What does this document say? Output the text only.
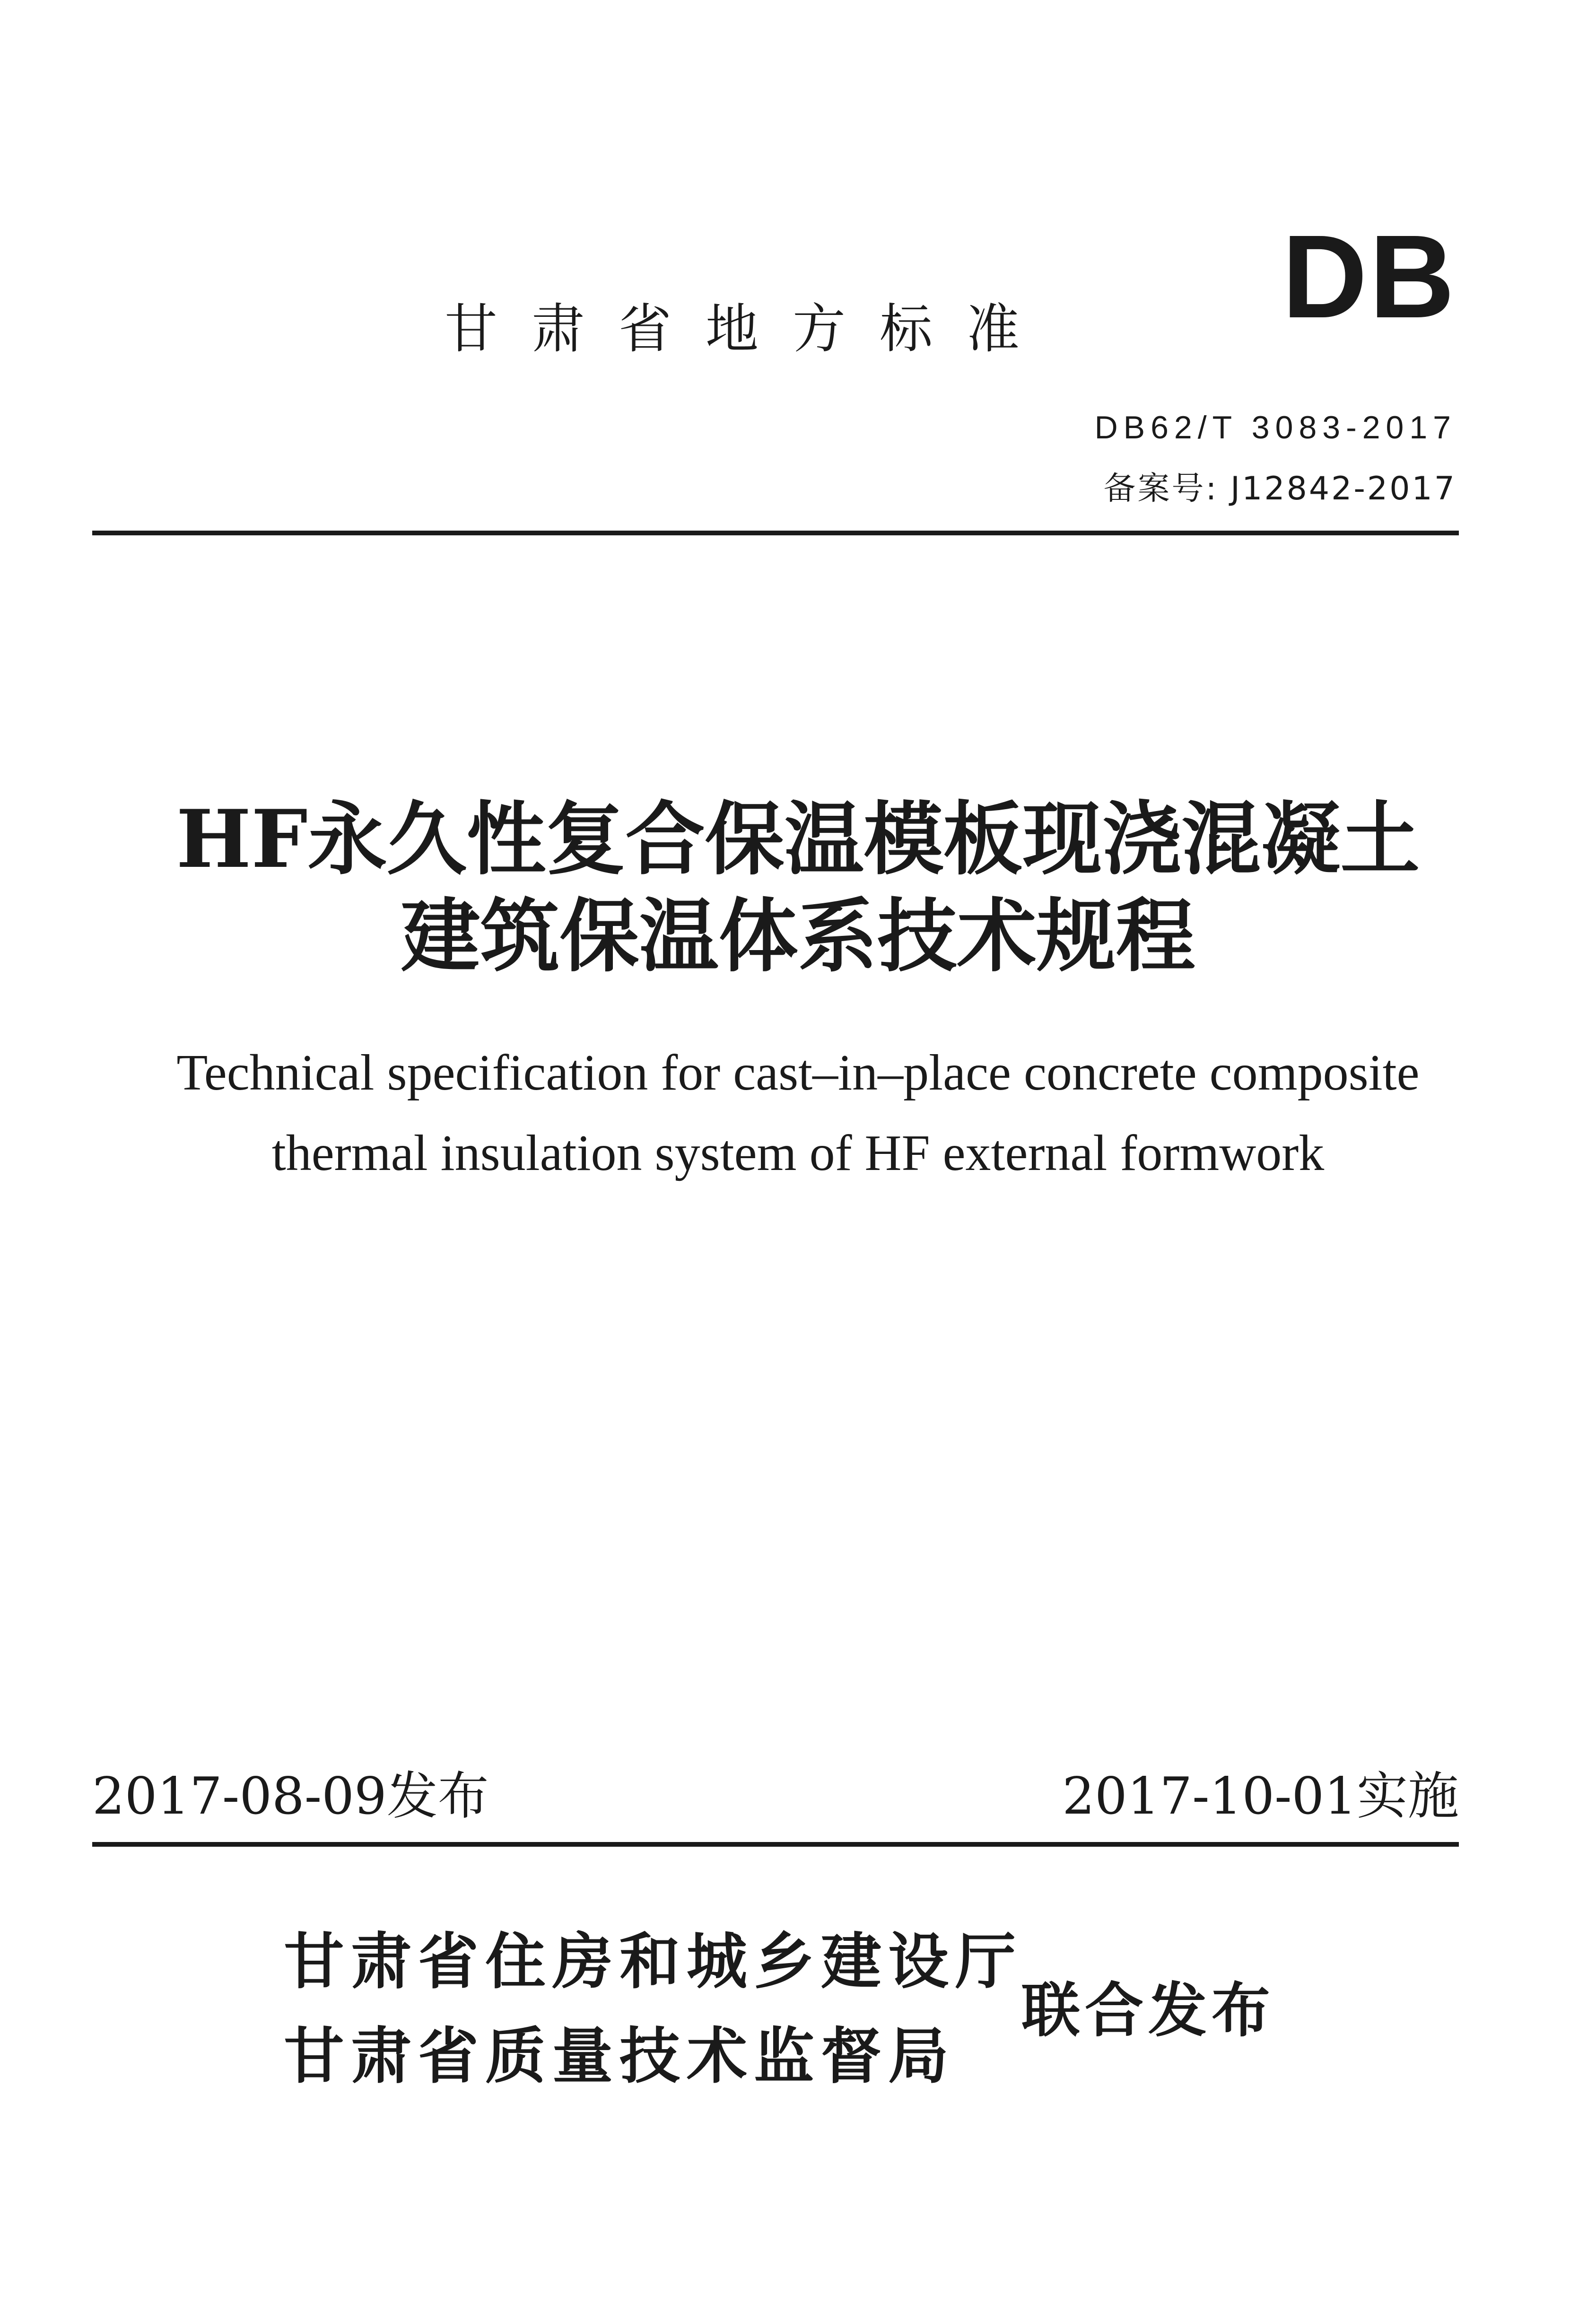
甘肃省地方标准 DB
DB62/T 3083-2017
备案号: J12842-2017
HF永久性复合保温模板现浇混凝土
建筑保温体系技术规程
Technical specification for cast–in–place concrete composite
thermal insulation system of HF external formwork
2017-08-09发布	2017-10-01实施
甘肃省住房和城乡建设厅
甘肃省质量技术监督局
联合发布
